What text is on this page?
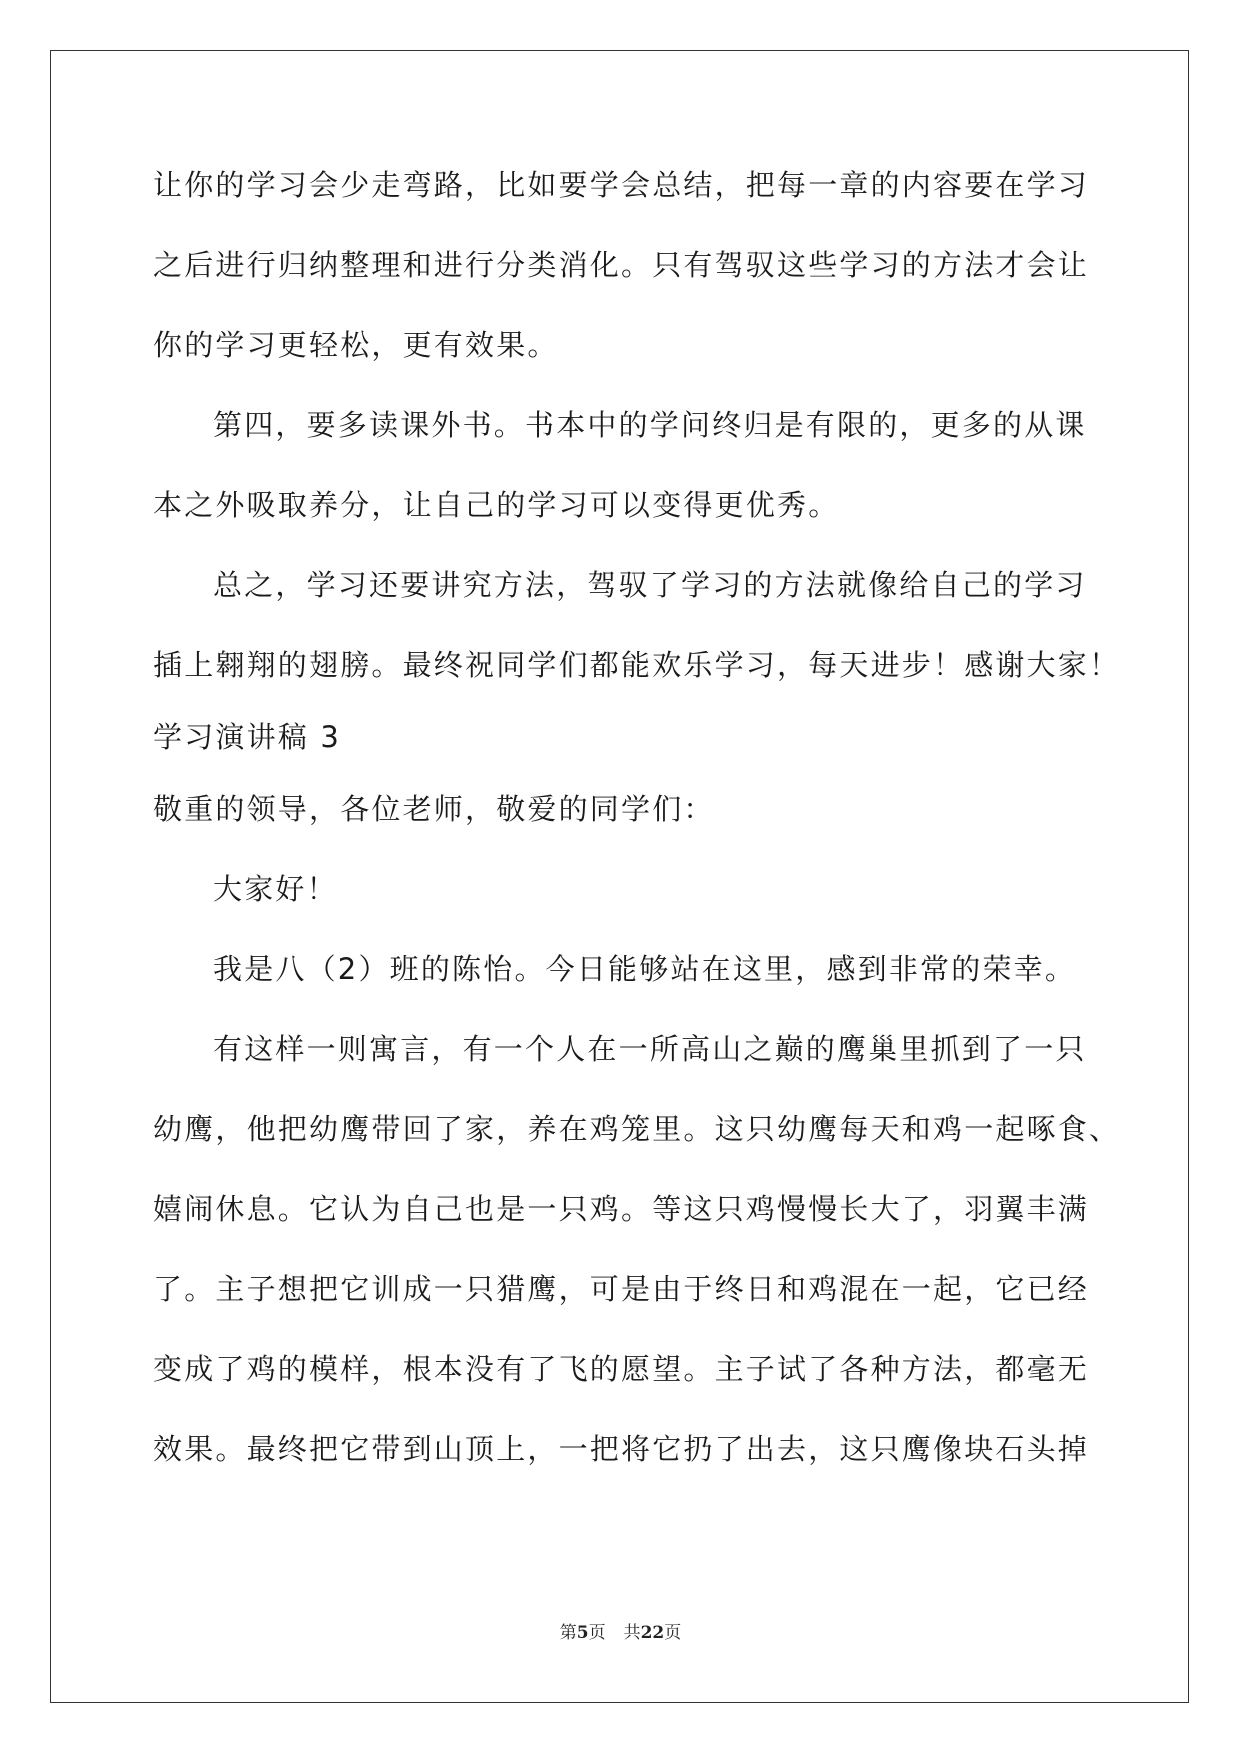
让你的学习会少走弯路，比如要学会总结，把每一章的内容要在学习
之后进行归纳整理和进行分类消化。只有驾驭这些学习的方法才会让
你的学习更轻松，更有效果。
第四，要多读课外书。书本中的学问终归是有限的，更多的从课
本之外吸取养分，让自己的学习可以变得更优秀。
总之，学习还要讲究方法，驾驭了学习的方法就像给自己的学习
插上翱翔的翅膀。最终祝同学们都能欢乐学习，每天进步！感谢大家！
学习演讲稿 3
敬重的领导，各位老师，敬爱的同学们：
大家好！
我是八（2）班的陈怡。今日能够站在这里，感到非常的荣幸。
有这样一则寓言，有一个人在一所高山之巅的鹰巢里抓到了一只
幼鹰，他把幼鹰带回了家，养在鸡笼里。这只幼鹰每天和鸡一起啄食、
嬉闹休息。它认为自己也是一只鸡。等这只鸡慢慢长大了，羽翼丰满
了。主子想把它训成一只猎鹰，可是由于终日和鸡混在一起，它已经
变成了鸡的模样，根本没有了飞的愿望。主子试了各种方法，都毫无
效果。最终把它带到山顶上，一把将它扔了出去，这只鹰像块石头掉
第5页 共22页
